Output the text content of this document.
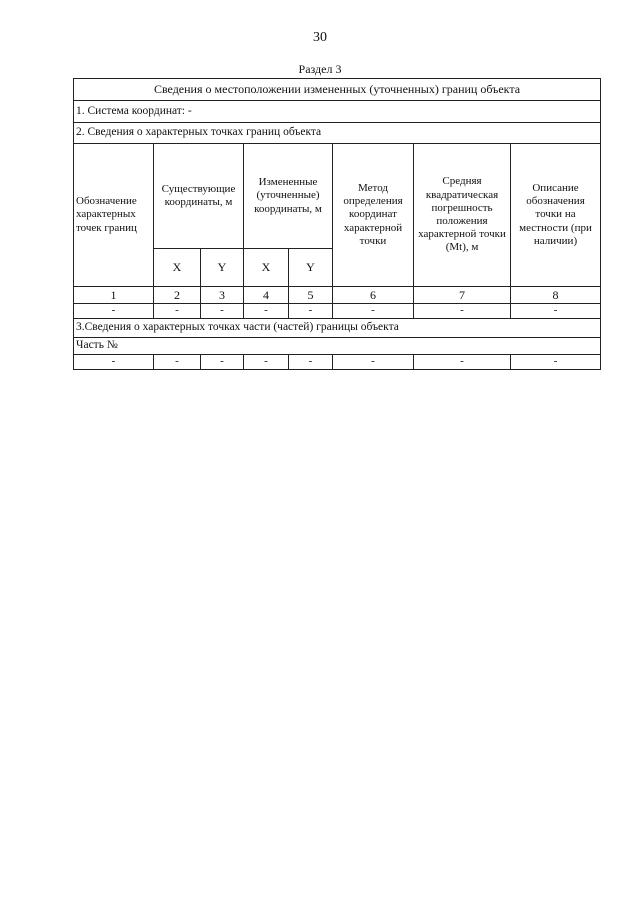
30
Раздел 3
Сведения о местоположении измененных (уточненных) границ объекта							
1. Система координат: -							
2. Сведения о характерных точках границ объекта							
Обозначение характерных точек границ	Существующие координаты, м		Измененные (уточненные) координаты, м		Метод определения координат характерной точки	Средняя квадратическая погрешность положения характерной точки (Mt), м	Описание обозначения точки на местности (при наличии)
	X	Y	X	Y			
1	2	3	4	5	6	7	8
-	-	-	-	-	-	-	-
3.Сведения о характерных точках части (частей) границы объекта							
Часть №							
-	-	-	-	-	-	-	-
